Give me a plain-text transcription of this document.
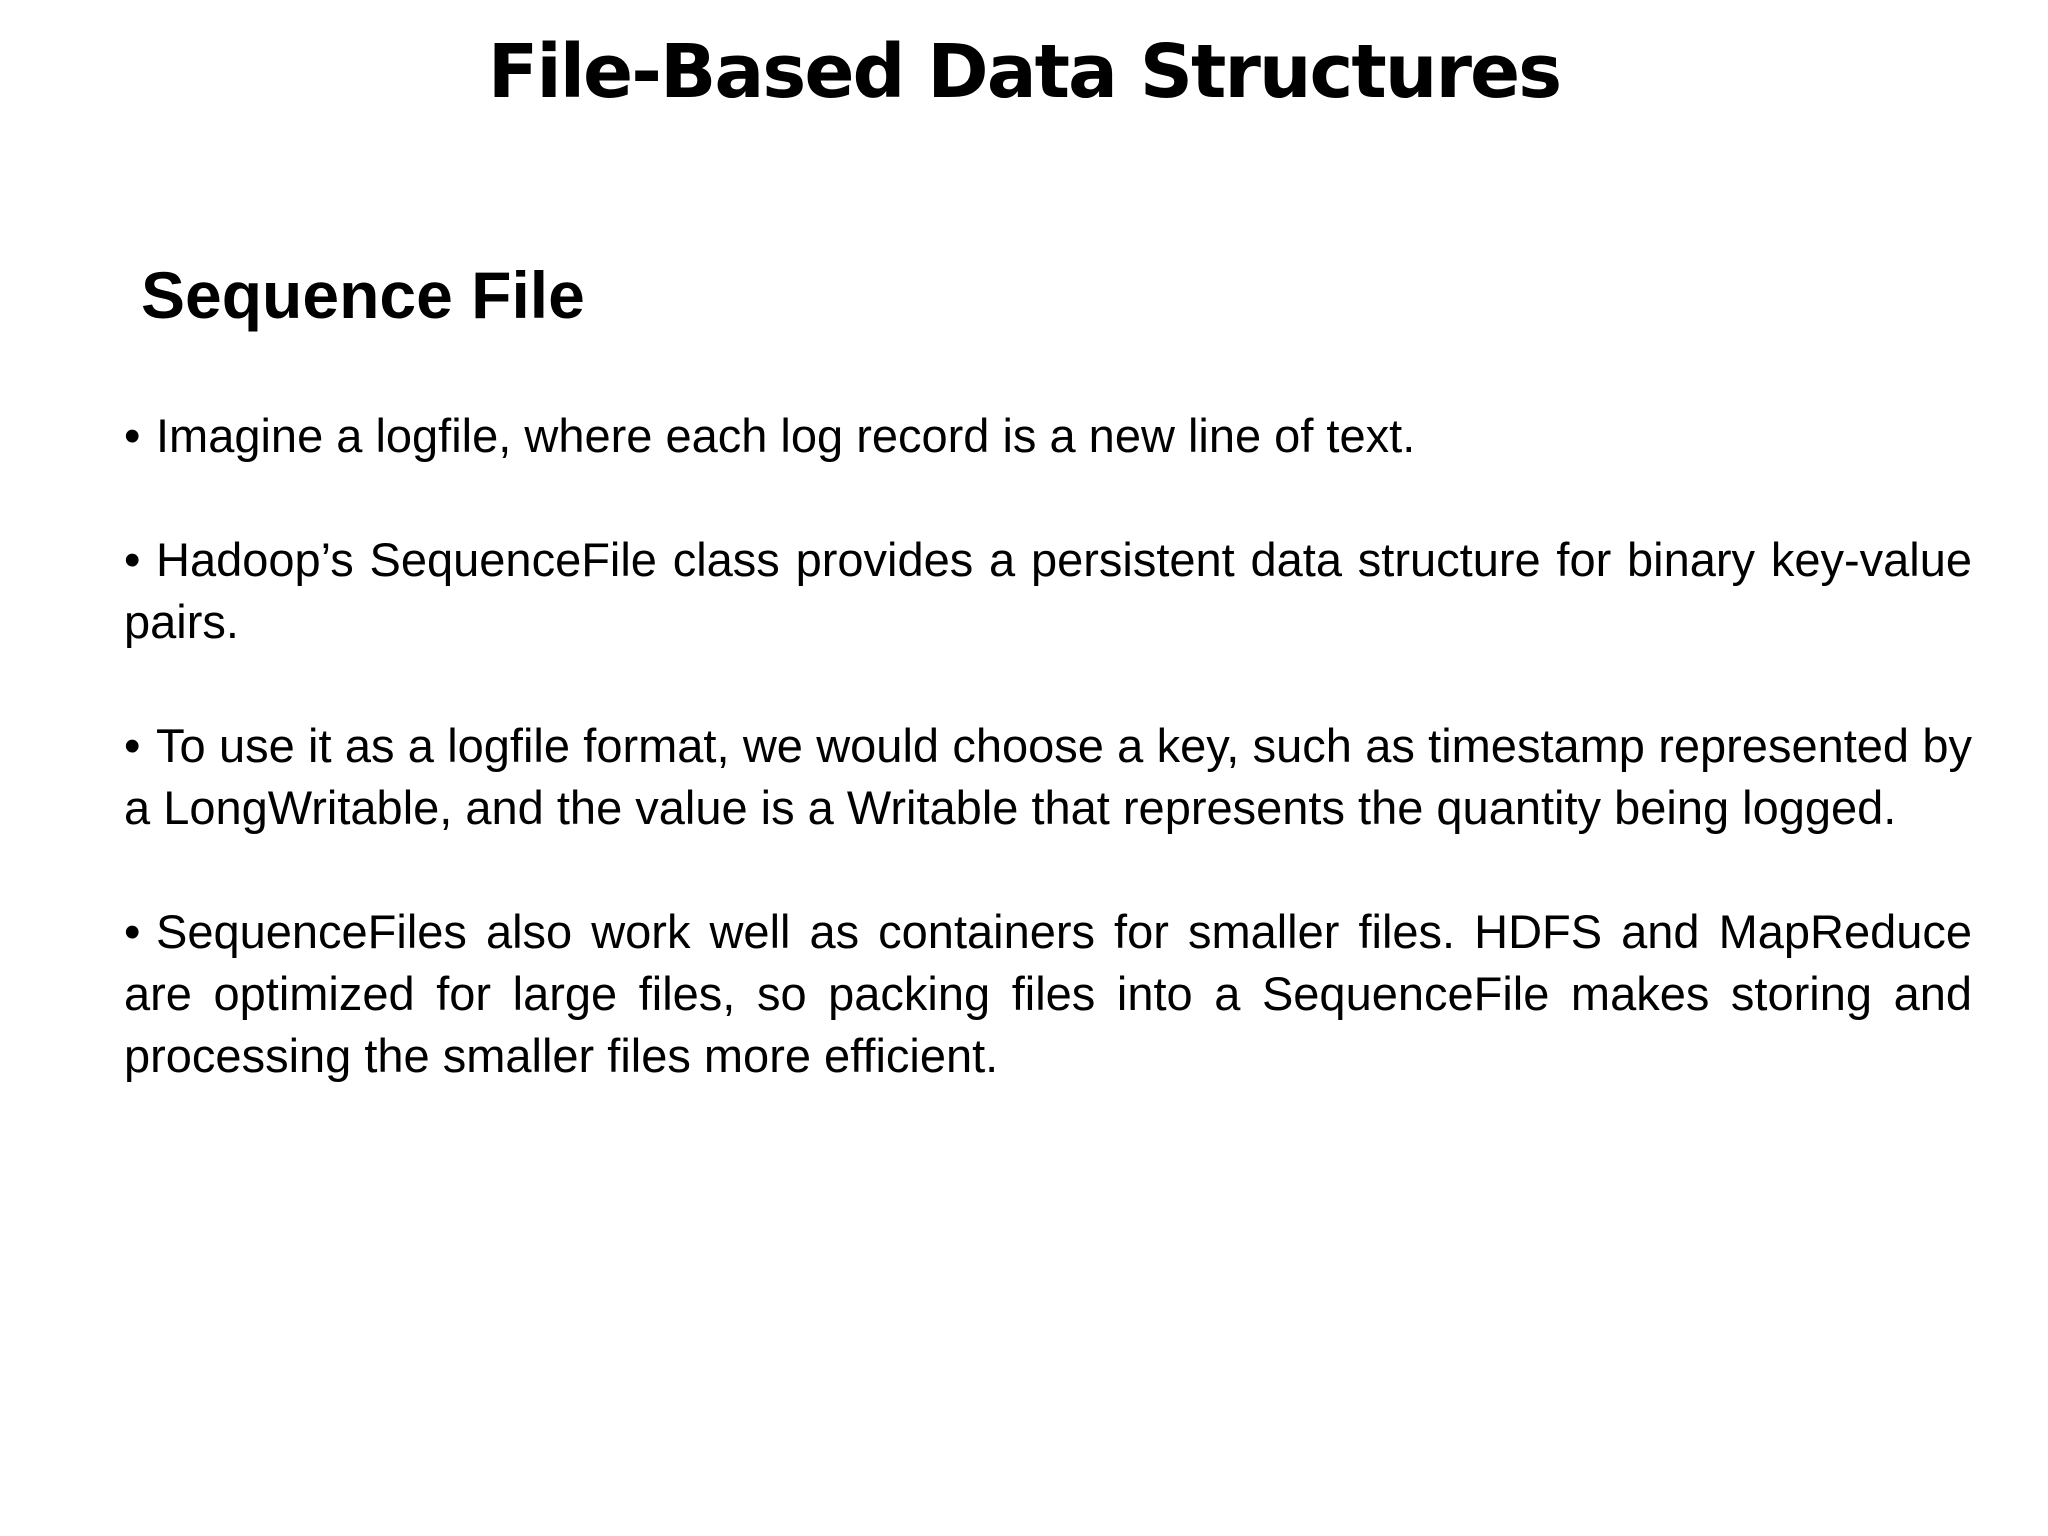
File-Based Data Structures
Sequence File
• Imagine a logfile, where each log record is a new line of text.
• Hadoop’s SequenceFile class provides a persistent data structure for binary key-value pairs.
• To use it as a logfile format, we would choose a key, such as timestamp represented by a LongWritable, and the value is a Writable that represents the quantity being logged.
• SequenceFiles also work well as containers for smaller files. HDFS and MapReduce are optimized for large files, so packing files into a SequenceFile makes storing and processing the smaller files more efficient.
